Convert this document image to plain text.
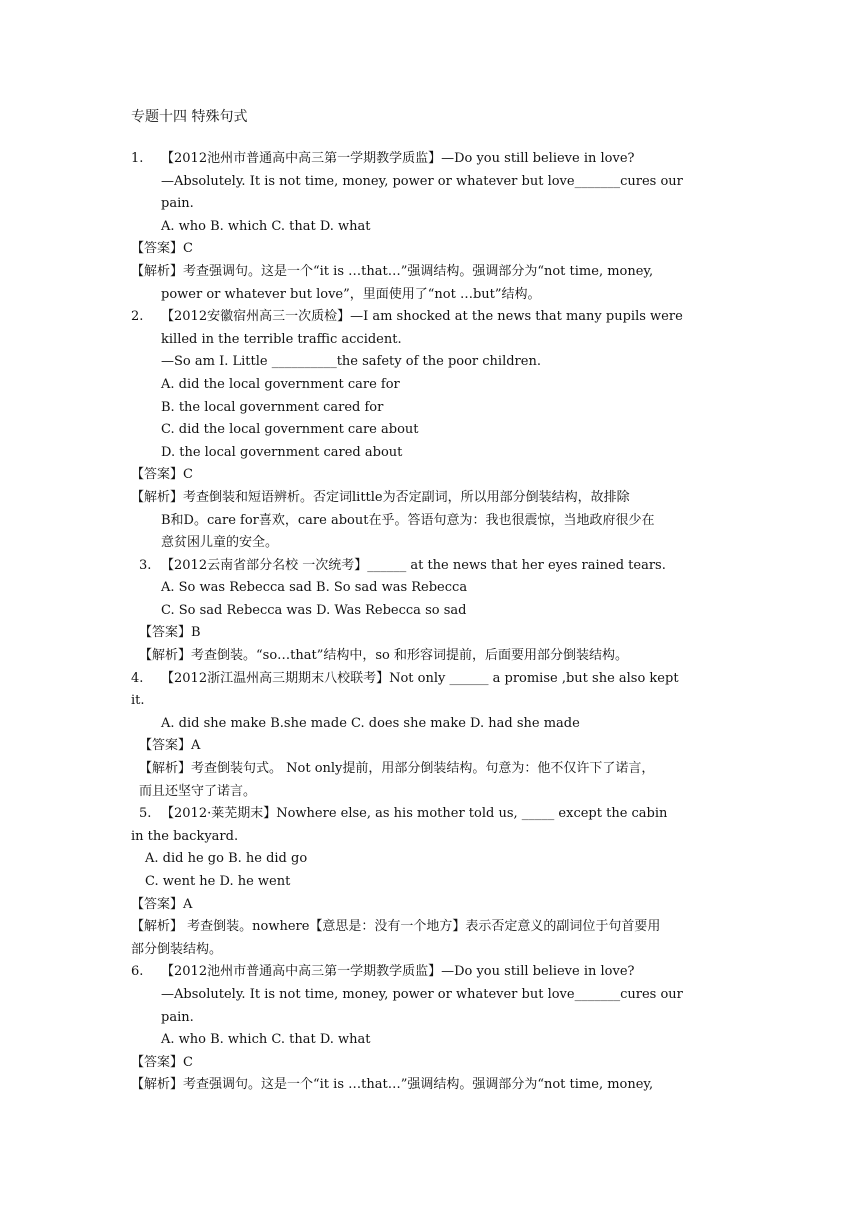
专题十四 特殊句式
1. 【2012池州市普通高中高三第一学期教学质监】—Do you still believe in love?
—Absolutely. It is not time, money, power or whatever but love_______cures our
pain.
A. who B. which C. that D. what
【答案】C
【解析】考查强调句。这是一个“it is …that…”强调结构。强调部分为“not time, money,
power or whatever but love”，里面使用了“not …but”结构。
2. 【2012安徽宿州高三一次质检】—I am shocked at the news that many pupils were
killed in the terrible traffic accident.
—So am I. Little __________the safety of the poor children.
A. did the local government care for
B. the local government cared for
C. did the local government care about
D. the local government cared about
【答案】C
【解析】考查倒装和短语辨析。否定词little为否定副词，所以用部分倒装结构，故排除
B和D。care for喜欢，care about在乎。答语句意为：我也很震惊，当地政府很少在
意贫困儿童的安全。
3. 【2012云南省部分名校 一次统考】______ at the news that her eyes rained tears.
A. So was Rebecca sad B. So sad was Rebecca
C. So sad Rebecca was D. Was Rebecca so sad
【答案】B
【解析】考查倒装。“so…that”结构中，so 和形容词提前，后面要用部分倒装结构。
4. 【2012浙江温州高三期期末八校联考】Not only ______ a promise ,but she also kept
it.
A. did she make B.she made C. does she make D. had she made
【答案】A
【解析】考查倒装句式。 Not only提前，用部分倒装结构。句意为：他不仅许下了诺言，
而且还坚守了诺言。
5. 【2012·莱芜期末】Nowhere else, as his mother told us, _____ except the cabin
in the backyard.
A. did he go B. he did go
C. went he D. he went
【答案】A
【解析】 考查倒装。nowhere【意思是：没有一个地方】表示否定意义的副词位于句首要用
部分倒装结构。
6. 【2012池州市普通高中高三第一学期教学质监】—Do you still believe in love?
—Absolutely. It is not time, money, power or whatever but love_______cures our
pain.
A. who B. which C. that D. what
【答案】C
【解析】考查强调句。这是一个“it is …that…”强调结构。强调部分为“not time, money,
